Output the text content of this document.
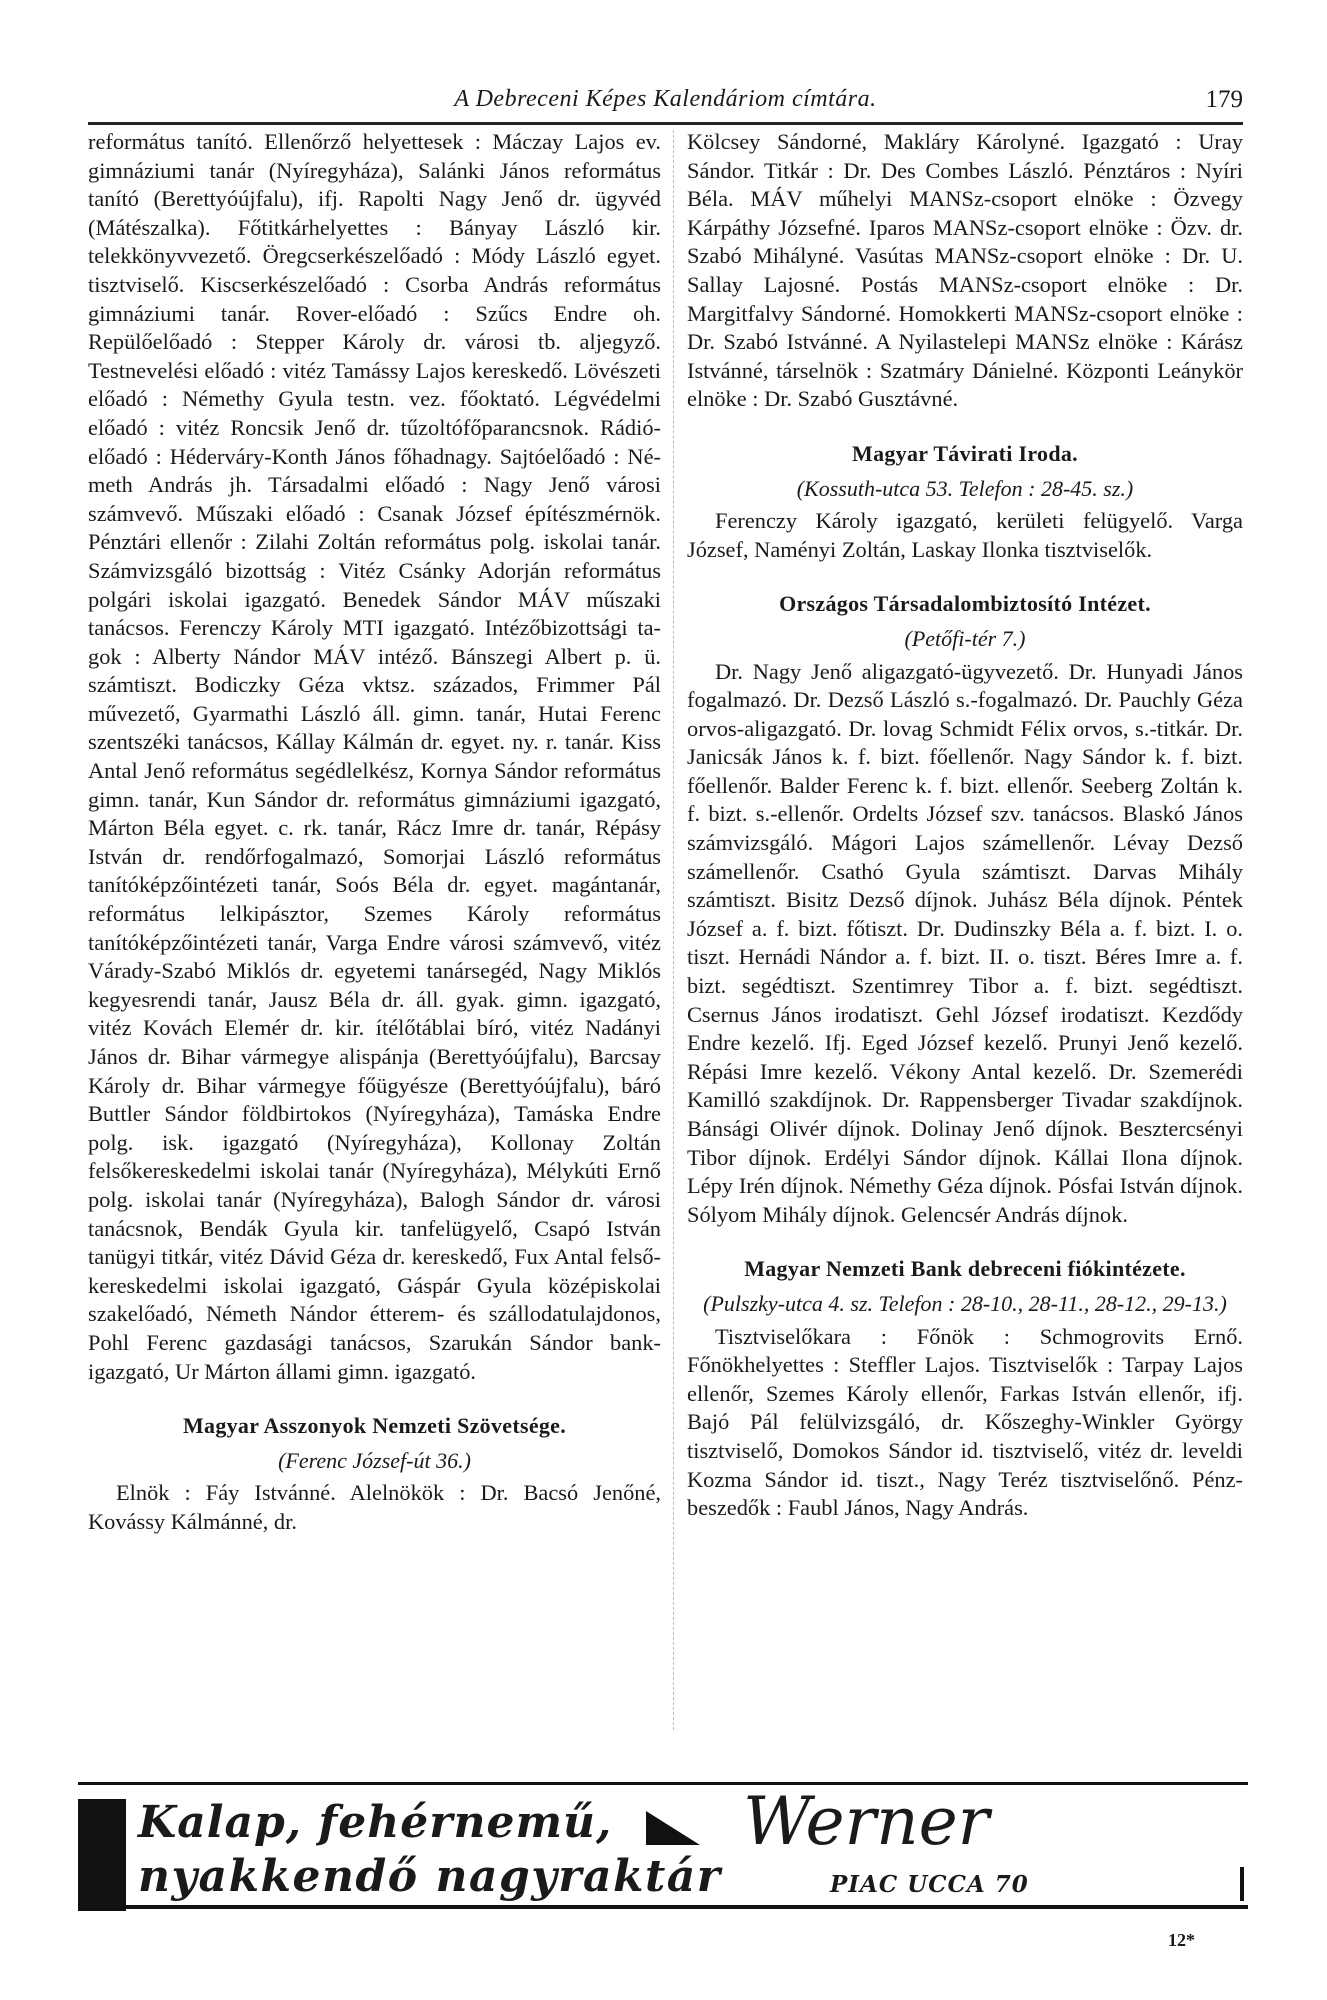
A Debreceni Képes Kalendáriom címtára.	179

református tanító. Ellenőrző helyettesek : Máczay Lajos ev. gimnáziumi tanár (Nyíregyháza), Salánki János református tanító (Berettyóújfalu), ifj. Rapolti Nagy Jenő dr. ügyvéd (Mátészalka). Főtitkárhelyettes : Bányay László kir. telekkönyvvezető. Öregcserkészelőadó : Módy László egyet. tisztviselő. Kiscserkészelőadó : Csorba András református gimnáziumi tanár. Rover-előadó : Szűcs Endre oh. Repülőelőadó : Stepper Károly dr. városi tb. aljegyző. Testnevelési előadó : vitéz Tamássy Lajos kereskedő. Lövészeti előadó : Némethy Gyula testn. vez. főoktató. Légvédelmi előadó : vitéz Roncsik Jenő dr. tűzoltófőparancsnok. Rádió-előadó : Hédervárу-Konth János főhadnagy. Sajtóelőadó : Németh András jh. Társadalmi előadó : Nagy Jenő városi számvevő. Műszaki előadó : Csanak József építészmérnök. Pénztári ellenőr : Zilahi Zoltán református polg. iskolai tanár. Számvizsgáló bizottság : Vitéz Csánky Adorján református polgári iskolai igazgató. Benedek Sándor MÁV műszaki tanácsos. Ferenczy Károly MTI igazgató. Intézőbizottsági tagok : Alberty Nándor MÁV intéző. Bánszegi Albert p. ü. számtiszt. Bodiczky Géza vktsz. százados, Frimmer Pál művezető, Gyarmathi László áll. gimn. tanár, Hutai Ferenc szentszéki tanácsos, Kállay Kálmán dr. egyet. ny. r. tanár. Kiss Antal Jenő református segédlelkész, Kornya Sándor református gimn. tanár, Kun Sándor dr. református gimnáziumi igazgató, Márton Béla egyet. c. rk. tanár, Rácz Imre dr. tanár, Répásy István dr. rendőrfogalmazó, Somorjai László református tanítóképzőintézeti tanár, Soós Béla dr. egyet. magántanár, református lelkipásztor, Szemes Károly református tanítóképzőintézeti tanár, Varga Endre városi számvevő, vitéz Várady-Szabó Miklós dr. egyetemi tanársegéd, Nagy Miklós kegyesrendi tanár, Jausz Béla dr. áll. gyak. gimn. igazgató, vitéz Kovách Elemér dr. kir. ítélőtáblai bíró, vitéz Nadányi János dr. Bihar vármegye alispánja (Berettyóújfalu), Barcsay Károly dr. Bihar vármegye főügyésze (Berettyóújfalu), báró Buttler Sándor földbirtokos (Nyíregyháza), Tamáska Endre polg. isk. igazgató (Nyíregyháza), Kollonay Zoltán felsőkereskedelmi iskolai tanár (Nyíregyháza), Mélykúti Ernő polg. iskolai tanár (Nyíregyháza), Balogh Sándor dr. városi tanácsnok, Bendák Gyula kir. tanfelügyelő, Csapó István tanügyi titkár, vitéz Dávid Géza dr. kereskedő, Fux Antal felsőkereskedelmi iskolai igazgató, Gáspár Gyula középiskolai szakelőadó, Németh Nándor étterem- és szállodatulajdonos, Pohl Ferenc gazdasági tanácsos, Szarukán Sándor bankigazgató, Ur Márton állami gimn. igazgató.

Magyar Asszonyok Nemzeti Szövetsége.
(Ferenc József-út 36.)

Elnök : Fáy Istvánné. Alelnökök : Dr. Bacsó Jenőné, Kovássy Kálmánné, dr.

Kölcsey Sándorné, Makláry Károlyné. Igazgató : Uray Sándor. Titkár : Dr. Des Combes László. Pénztáros : Nyíri Béla. MÁV műhelyi MANSz-csoport elnöke : Özvegy Kárpáthy Józsefné. Iparos MANSz-csoport elnöke : Özv. dr. Szabó Mihályné. Vasútas MANSz-csoport elnöke : Dr. U. Sallay Lajosné. Postás MANSz-csoport elnöke : Dr. Margitfalvy Sándorné. Homokkerti MANSz-csoport elnöke : Dr. Szabó Istvánné. A Nyilastelepi MANSz elnöke : Kárász Istvánné, társelnök : Szatmáry Dánielné. Központi Leánykör elnöke : Dr. Szabó Gusztávné.

Magyar Távirati Iroda.
(Kossuth-utca 53. Telefon : 28-45. sz.)

Ferenczy Károly igazgató, kerületi felügyelő. Varga József, Naményi Zoltán, Laskay Ilonka tisztviselők.

Országos Társadalombiztosító Intézet.
(Petőfi-tér 7.)

Dr. Nagy Jenő aligazgató-ügyvezető. Dr. Hunyadi János fogalmazó. Dr. Dezső László s.-fogalmazó. Dr. Pauchly Géza orvos-aligazgató. Dr. lovag Schmidt Félix orvos, s.-titkár. Dr. Janicsák János k. f. bizt. főellenőr. Nagy Sándor k. f. bizt. főellenőr. Balder Ferenc k. f. bizt. ellenőr. Seeberg Zoltán k. f. bizt. s.-ellenőr. Ordelts József szv. tanácsos. Blaskó János számvizsgáló. Mágori Lajos számellenőr. Lévay Dezső számellenőr. Csathó Gyula számtiszt. Darvas Mihály számtiszt. Bisitz Dezső díjnok. Juhász Béla díjnok. Péntek József a. f. bizt. főtiszt. Dr. Dudinszky Béla a. f. bizt. I. o. tiszt. Hernádi Nándor a. f. bizt. II. o. tiszt. Béres Imre a. f. bizt. segédtiszt. Szentimrey Tibor a. f. bizt. segédtiszt. Csernus János irodatiszt. Gehl József irodatiszt. Kezdődy Endre kezelő. Ifj. Eged József kezelő. Prunyi Jenő kezelő. Répási Imre kezelő. Vékony Antal kezelő. Dr. Szemerédi Kamilló szakdíjnok. Dr. Rappensberger Tivadar szakdíjnok. Bánsági Olivér díjnok. Dolinay Jenő díjnok. Besztercsényi Tibor díjnok. Erdélyi Sándor díjnok. Kállai Ilona díjnok. Lépy Irén díjnok. Némethy Géza díjnok. Pósfai István díjnok. Sólyom Mihály díjnok. Gelencsér András díjnok.

Magyar Nemzeti Bank debreceni fiókintézete.
(Pulszky-utca 4. sz. Telefon : 28-10., 28-11., 28-12., 29-13.)

Tisztviselőkara : Főnök : Schmogrovits Ernő. Főnökhelyettes : Steffler Lajos. Tisztviselők : Tarpay Lajos ellenőr, Szemes Károly ellenőr, Farkas István ellenőr, ifj. Bajó Pál felülvizsgáló, dr. Kőszeghy-Winkler György tisztviselő, Domokos Sándor id. tisztviselő, vitéz dr. leveldi Kozma Sándor id. tiszt., Nagy Teréz tisztviselőnő. Pénzbeszedők : Faubl János, Nagy András.

Kalap, fehérnemű, Werner
nyakkendő nagyraktár	PIAC UCCA 70
12*
